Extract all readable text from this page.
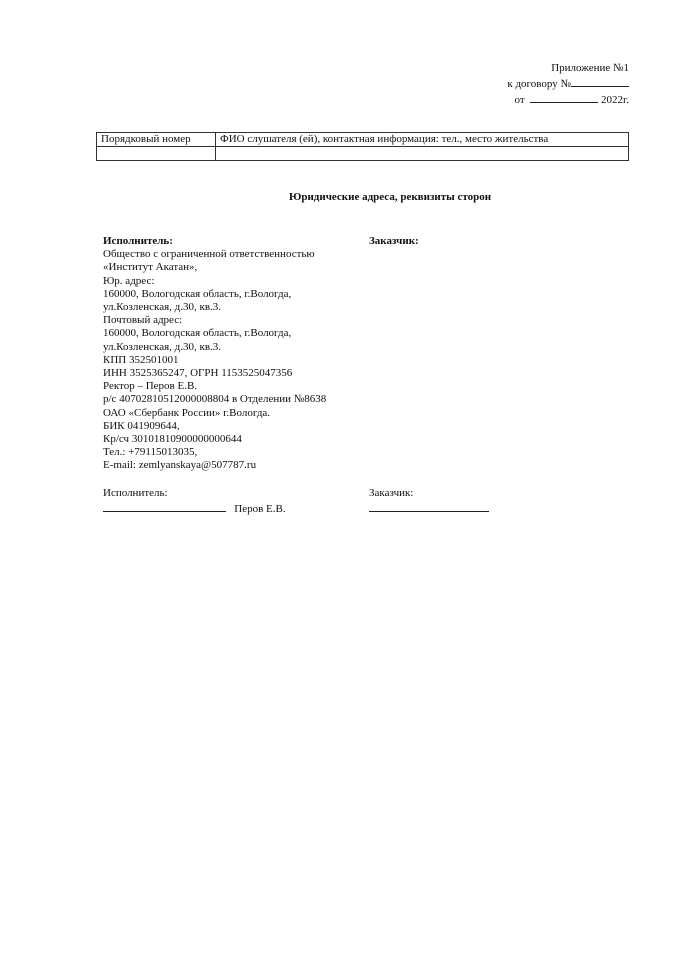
Приложение №1
к договору №
от	2022г.
Порядковый номер	ФИО слушателя (ей), контактная информация: тел., место жительства

Юридические адреса, реквизиты сторон
Исполнитель:
Общество с ограниченной ответственностью
«Институт Акатан»,
Юр. адрес:
160000, Вологодская область, г.Вологда,
ул.Козленская, д.30, кв.3.
Почтовый адрес:
160000, Вологодская область, г.Вологда,
ул.Козленская, д.30, кв.3.
КПП 352501001
ИНН 3525365247, ОГРН 1153525047356
Ректор – Перов Е.В.
р/с 40702810512000008804 в Отделении №8638
ОАО «Сбербанк России» г.Вологда.
БИК 041909644,
Кр/сч 30101810900000000644
Тел.: +79115013035,
E-mail: zemlyanskaya@507787.ru
Заказчик:
Исполнитель:
Перов Е.В.
Заказчик:
